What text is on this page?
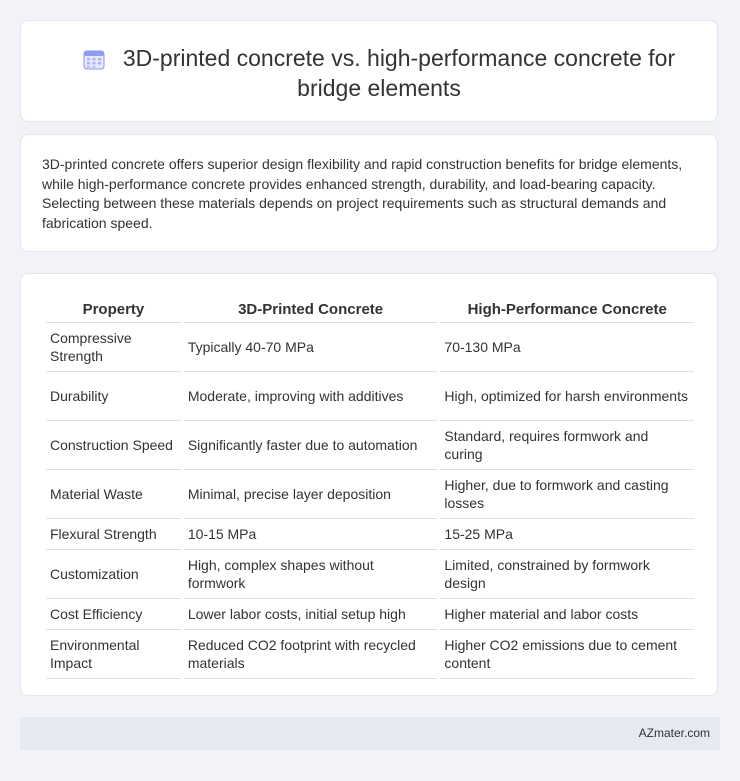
3D-printed concrete vs. high-performance concrete for bridge elements
3D-printed concrete offers superior design flexibility and rapid construction benefits for bridge elements, while high-performance concrete provides enhanced strength, durability, and load-bearing capacity. Selecting between these materials depends on project requirements such as structural demands and fabrication speed.
Property	3D-Printed Concrete	High-Performance Concrete
Compressive Strength	Typically 40-70 MPa	70-130 MPa
Durability	Moderate, improving with additives	High, optimized for harsh environments
Construction Speed	Significantly faster due to automation	Standard, requires formwork and curing
Material Waste	Minimal, precise layer deposition	Higher, due to formwork and casting losses
Flexural Strength	10-15 MPa	15-25 MPa
Customization	High, complex shapes without formwork	Limited, constrained by formwork design
Cost Efficiency	Lower labor costs, initial setup high	Higher material and labor costs
Environmental Impact	Reduced CO2 footprint with recycled materials	Higher CO2 emissions due to cement content
AZmater.com
